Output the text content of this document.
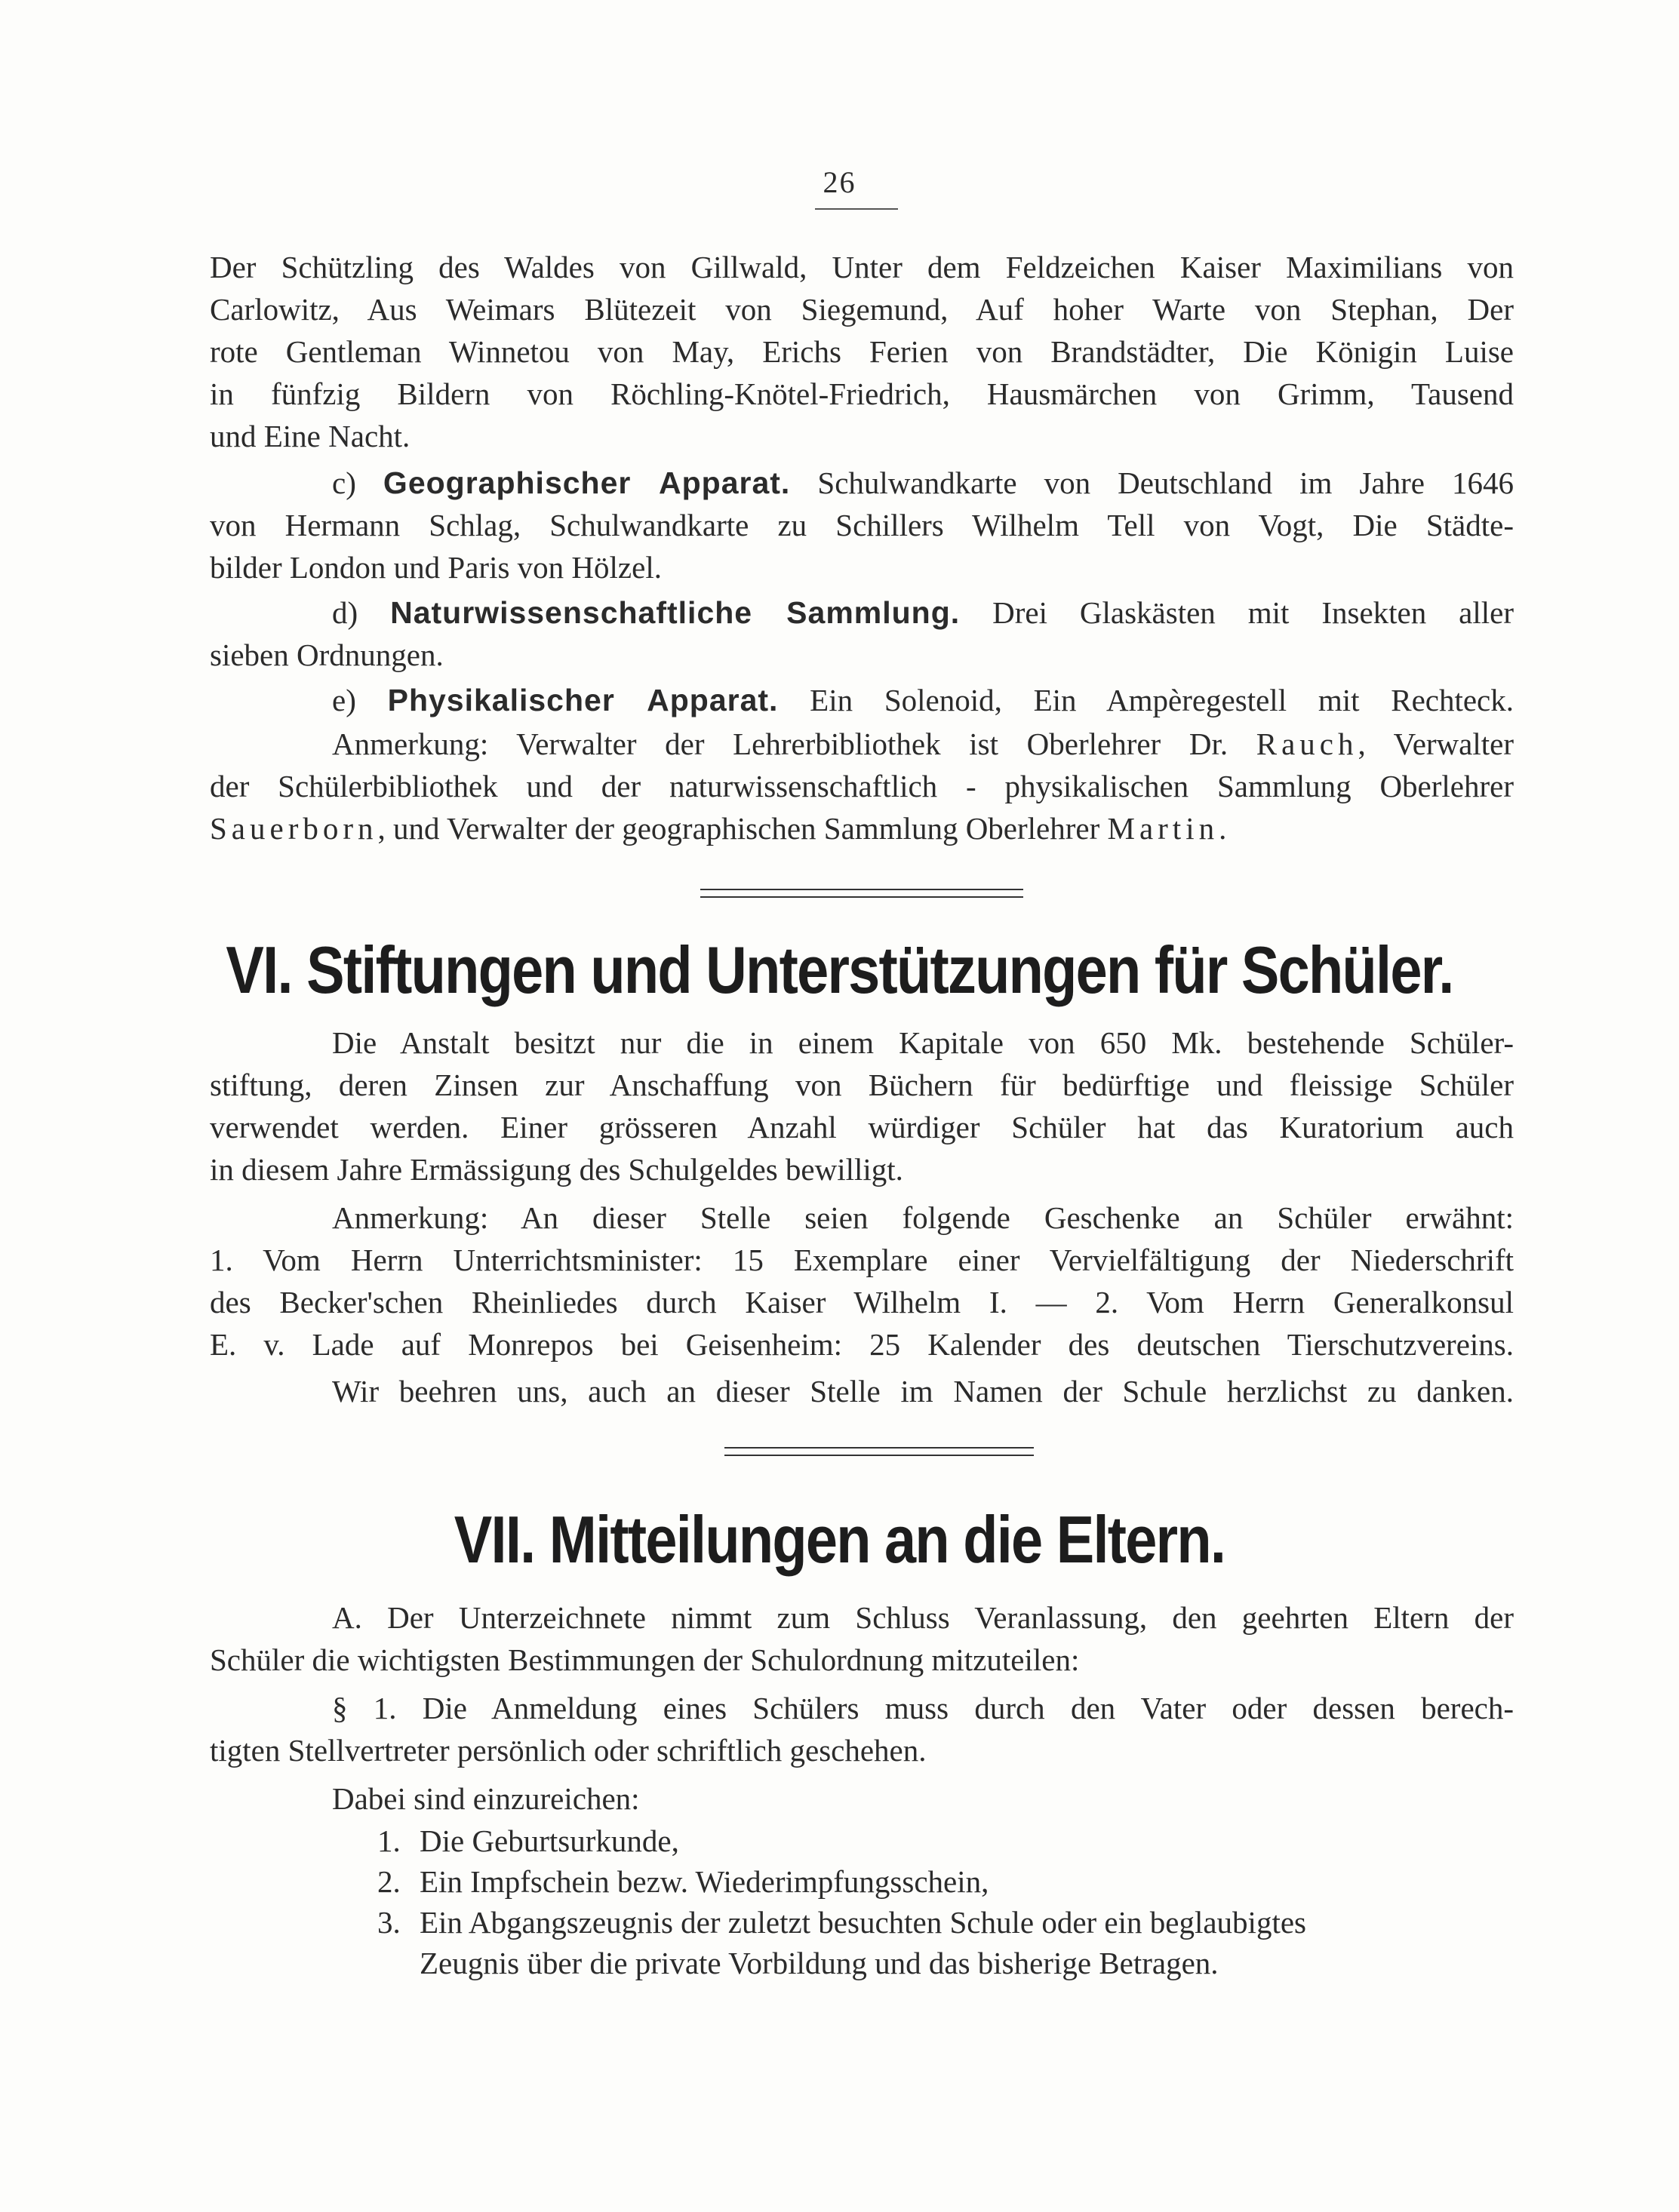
26
Der Schützling des Waldes von Gillwald, Unter dem Feldzeichen Kaiser Maximilians von
Carlowitz, Aus Weimars Blütezeit von Siegemund, Auf hoher Warte von Stephan, Der
rote Gentleman Winnetou von May, Erichs Ferien von Brandstädter, Die Königin Luise
in fünfzig Bildern von Röchling-Knötel-Friedrich, Hausmärchen von Grimm, Tausend
und Eine Nacht.
c) Geographischer Apparat. Schulwandkarte von Deutschland im Jahre 1646
von Hermann Schlag, Schulwandkarte zu Schillers Wilhelm Tell von Vogt, Die Städte-
bilder London und Paris von Hölzel.
d) Naturwissenschaftliche Sammlung. Drei Glaskästen mit Insekten aller
sieben Ordnungen.
e) Physikalischer Apparat. Ein Solenoid, Ein Ampèregestell mit Rechteck.
Anmerkung: Verwalter der Lehrerbibliothek ist Oberlehrer Dr. Rauch, Verwalter
der Schülerbibliothek und der naturwissenschaftlich - physikalischen Sammlung Oberlehrer
Sauerborn, und Verwalter der geographischen Sammlung Oberlehrer Martin.
VI. Stiftungen und Unterstützungen für Schüler.
Die Anstalt besitzt nur die in einem Kapitale von 650 Mk. bestehende Schüler-
stiftung, deren Zinsen zur Anschaffung von Büchern für bedürftige und fleissige Schüler
verwendet werden. Einer grösseren Anzahl würdiger Schüler hat das Kuratorium auch
in diesem Jahre Ermässigung des Schulgeldes bewilligt.
Anmerkung: An dieser Stelle seien folgende Geschenke an Schüler erwähnt:
1. Vom Herrn Unterrichtsminister: 15 Exemplare einer Vervielfältigung der Niederschrift
des Becker'schen Rheinliedes durch Kaiser Wilhelm I. — 2. Vom Herrn Generalkonsul
E. v. Lade auf Monrepos bei Geisenheim: 25 Kalender des deutschen Tierschutzvereins.
Wir beehren uns, auch an dieser Stelle im Namen der Schule herzlichst zu danken.
VII. Mitteilungen an die Eltern.
A. Der Unterzeichnete nimmt zum Schluss Veranlassung, den geehrten Eltern der
Schüler die wichtigsten Bestimmungen der Schulordnung mitzuteilen:
§ 1. Die Anmeldung eines Schülers muss durch den Vater oder dessen berech-
tigten Stellvertreter persönlich oder schriftlich geschehen.
Dabei sind einzureichen:
1. Die Geburtsurkunde,
2. Ein Impfschein bezw. Wiederimpfungsschein,
3. Ein Abgangszeugnis der zuletzt besuchten Schule oder ein beglaubigtes
Zeugnis über die private Vorbildung und das bisherige Betragen.
